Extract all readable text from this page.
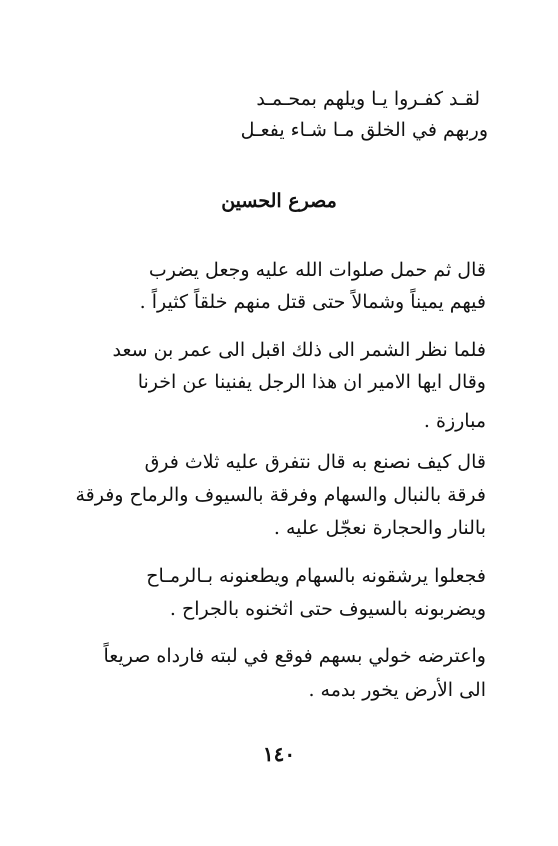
لقـد كفـروا يـا ويلهم بمحـمـد
وربهم في الخلق مـا شـاء يفعـل
مصرع الحسين
قال ثم حمل صلوات الله عليه وجعل يضرب
فيهم يميناً وشمالاً حتى قتل منهم خلقاً كثيراً .
فلما نظر الشمر الى ذلك اقبل الى عمر بن سعد
وقال ايها الامير ان هذا الرجل يفنينا عن اخرنا
مبارزة .
قال كيف نصنع به قال نتفرق عليه ثلاث فرق
فرقة بالنبال والسهام وفرقة بالسيوف والرماح وفرقة
بالنار والحجارة نعجّل عليه .
فجعلوا يرشقونه بالسهام ويطعنونه بـالرمـاح
ويضربونه بالسيوف حتى اثخنوه بالجراح .
واعترضه خولي بسهم فوقع في لبته فارداه صريعاً
الى الأرض يخور بدمه .
١٤٠
